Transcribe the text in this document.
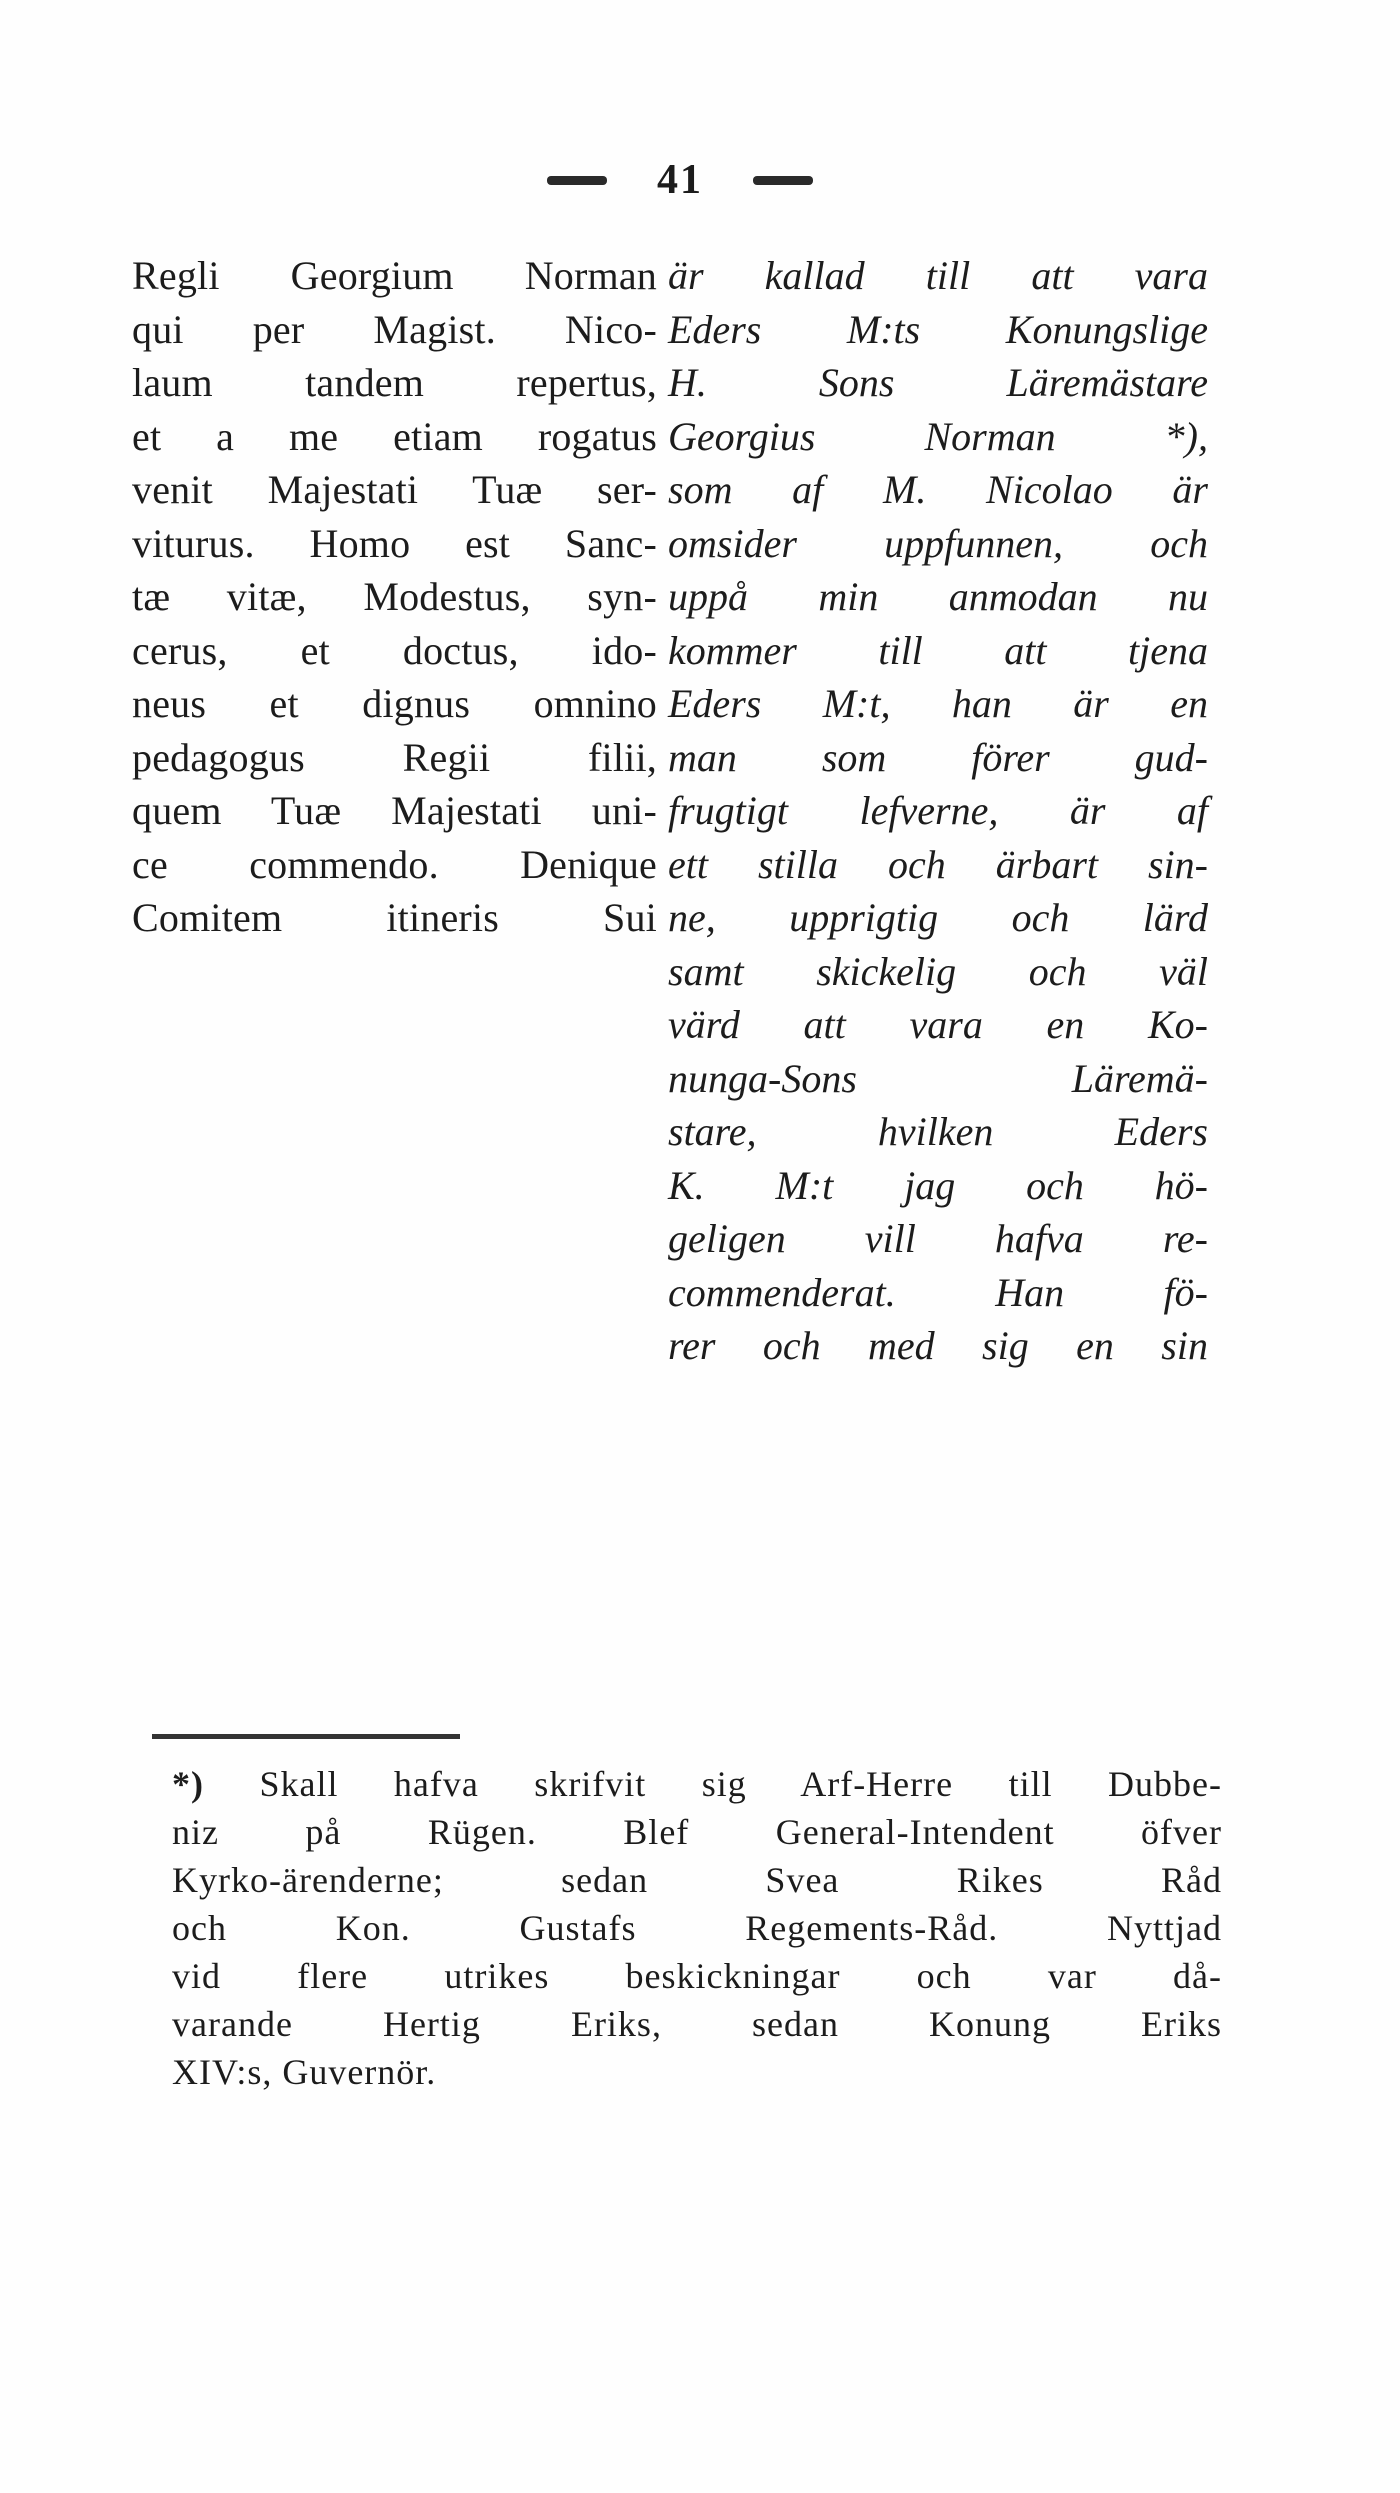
41
Regli Georgium Norman
qui per Magist. Nico-
laum tandem repertus,
et a me etiam rogatus
venit Majestati Tuæ ser-
viturus. Homo est Sanc-
tæ vitæ, Modestus, syn-
cerus, et doctus, ido-
neus et dignus omnino
pedagogus Regii filii,
quem Tuæ Majestati uni-
ce commendo. Denique
Comitem itineris Sui
är kallad till att vara
Eders M:ts Konungslige
H. Sons Läremästare
Georgius Norman *),
som af M. Nicolao är
omsider uppfunnen, och
uppå min anmodan nu
kommer till att tjena
Eders M:t, han är en
man som förer gud-
frugtigt lefverne, är af
ett stilla och ärbart sin-
ne, upprigtig och lärd
samt skickelig och väl
värd att vara en Ko-
nunga-Sons Läremä-
stare, hvilken Eders
K. M:t jag och hö-
geligen vill hafva re-
commenderat. Han fö-
rer och med sig en sin
*) Skall hafva skrifvit sig Arf-Herre till Dubbe-
niz på Rügen. Blef General-Intendent öfver
Kyrko-ärenderne; sedan Svea Rikes Råd
och Kon. Gustafs Regements-Råd. Nyttjad
vid flere utrikes beskickningar och var då-
varande Hertig Eriks, sedan Konung Eriks
XIV:s, Guvernör.
